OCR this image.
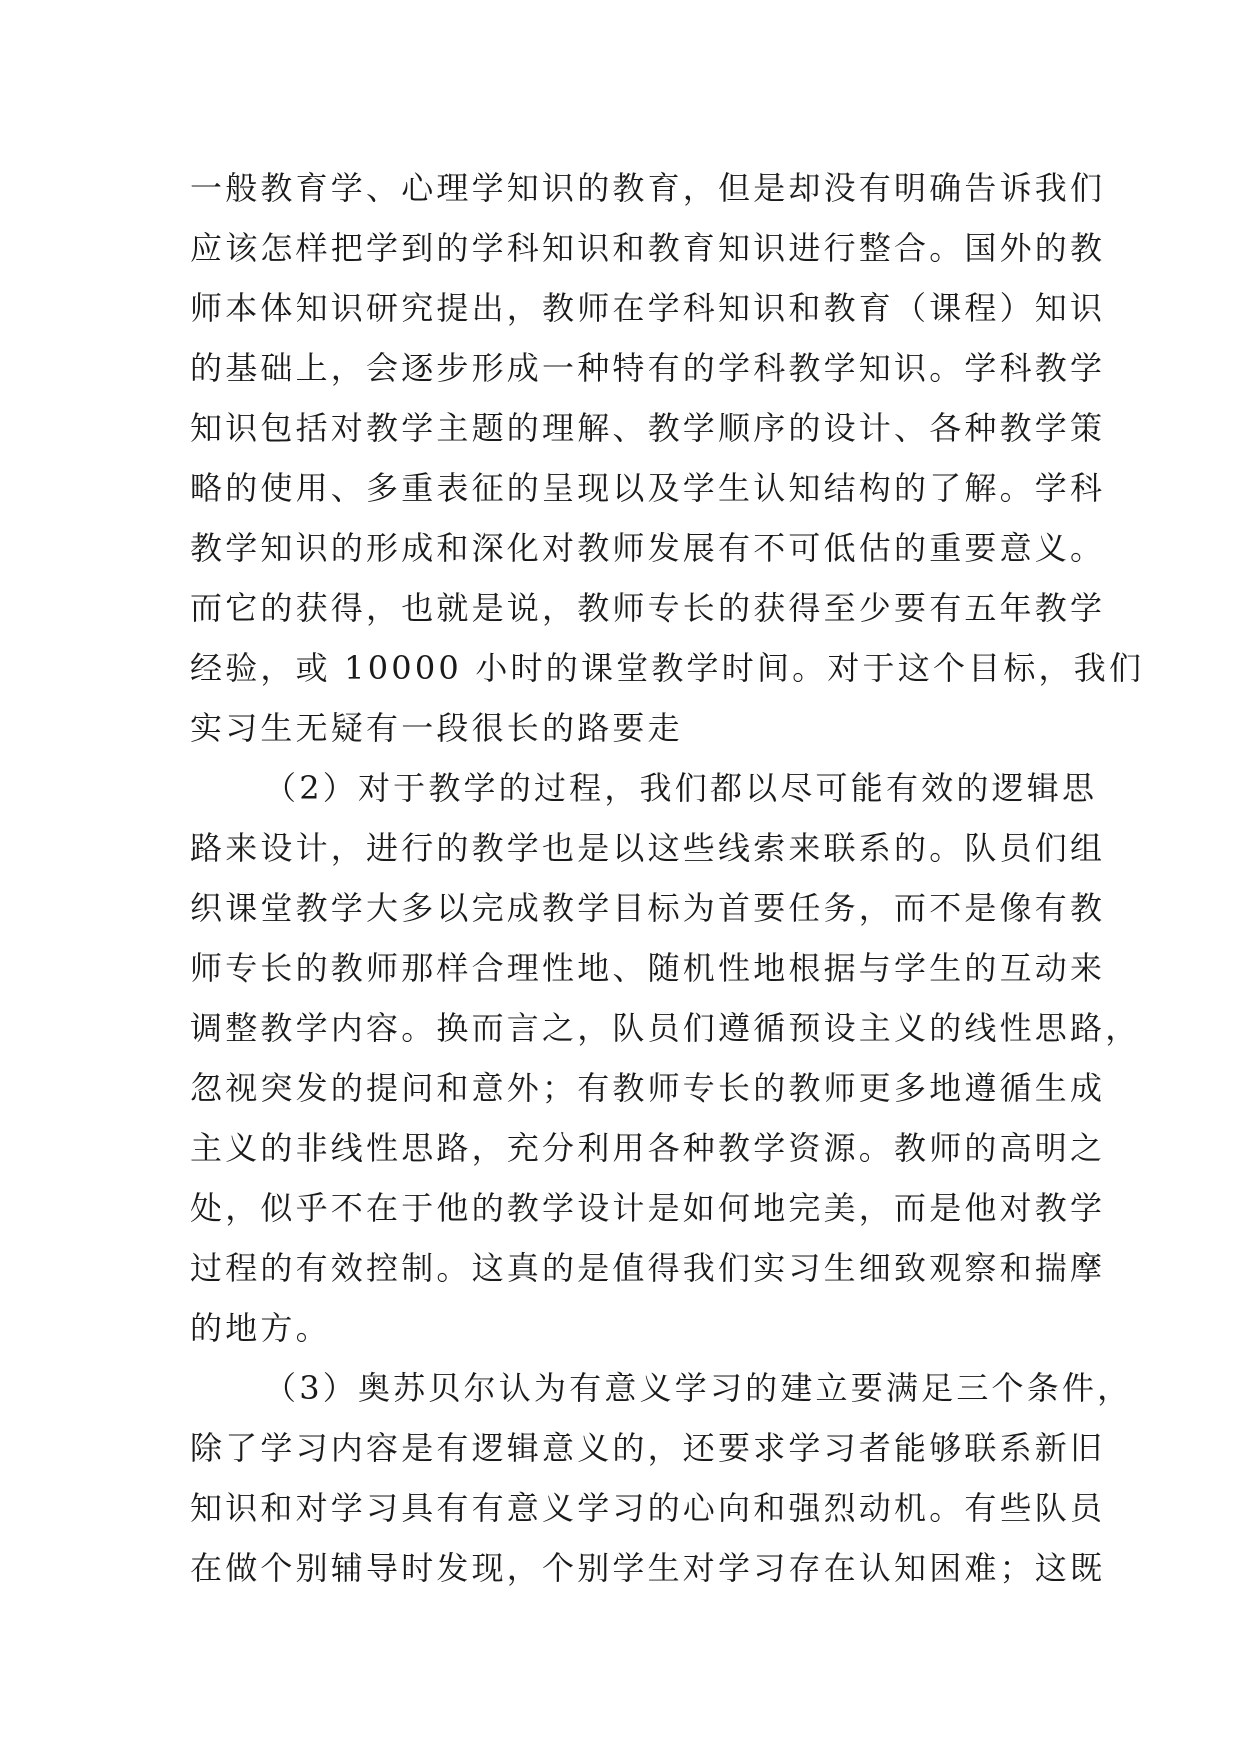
一般教育学、心理学知识的教育，但是却没有明确告诉我们
应该怎样把学到的学科知识和教育知识进行整合。国外的教
师本体知识研究提出，教师在学科知识和教育（课程）知识
的基础上，会逐步形成一种特有的学科教学知识。学科教学
知识包括对教学主题的理解、教学顺序的设计、各种教学策
略的使用、多重表征的呈现以及学生认知结构的了解。学科
教学知识的形成和深化对教师发展有不可低估的重要意义。
而它的获得，也就是说，教师专长的获得至少要有五年教学
经验，或 10000 小时的课堂教学时间。对于这个目标，我们
实习生无疑有一段很长的路要走
（2）对于教学的过程，我们都以尽可能有效的逻辑思
路来设计，进行的教学也是以这些线索来联系的。队员们组
织课堂教学大多以完成教学目标为首要任务，而不是像有教
师专长的教师那样合理性地、随机性地根据与学生的互动来
调整教学内容。换而言之，队员们遵循预设主义的线性思路，
忽视突发的提问和意外；有教师专长的教师更多地遵循生成
主义的非线性思路，充分利用各种教学资源。教师的高明之
处，似乎不在于他的教学设计是如何地完美，而是他对教学
过程的有效控制。这真的是值得我们实习生细致观察和揣摩
的地方。
（3）奥苏贝尔认为有意义学习的建立要满足三个条件，
除了学习内容是有逻辑意义的，还要求学习者能够联系新旧
知识和对学习具有有意义学习的心向和强烈动机。有些队员
在做个别辅导时发现，个别学生对学习存在认知困难；这既
